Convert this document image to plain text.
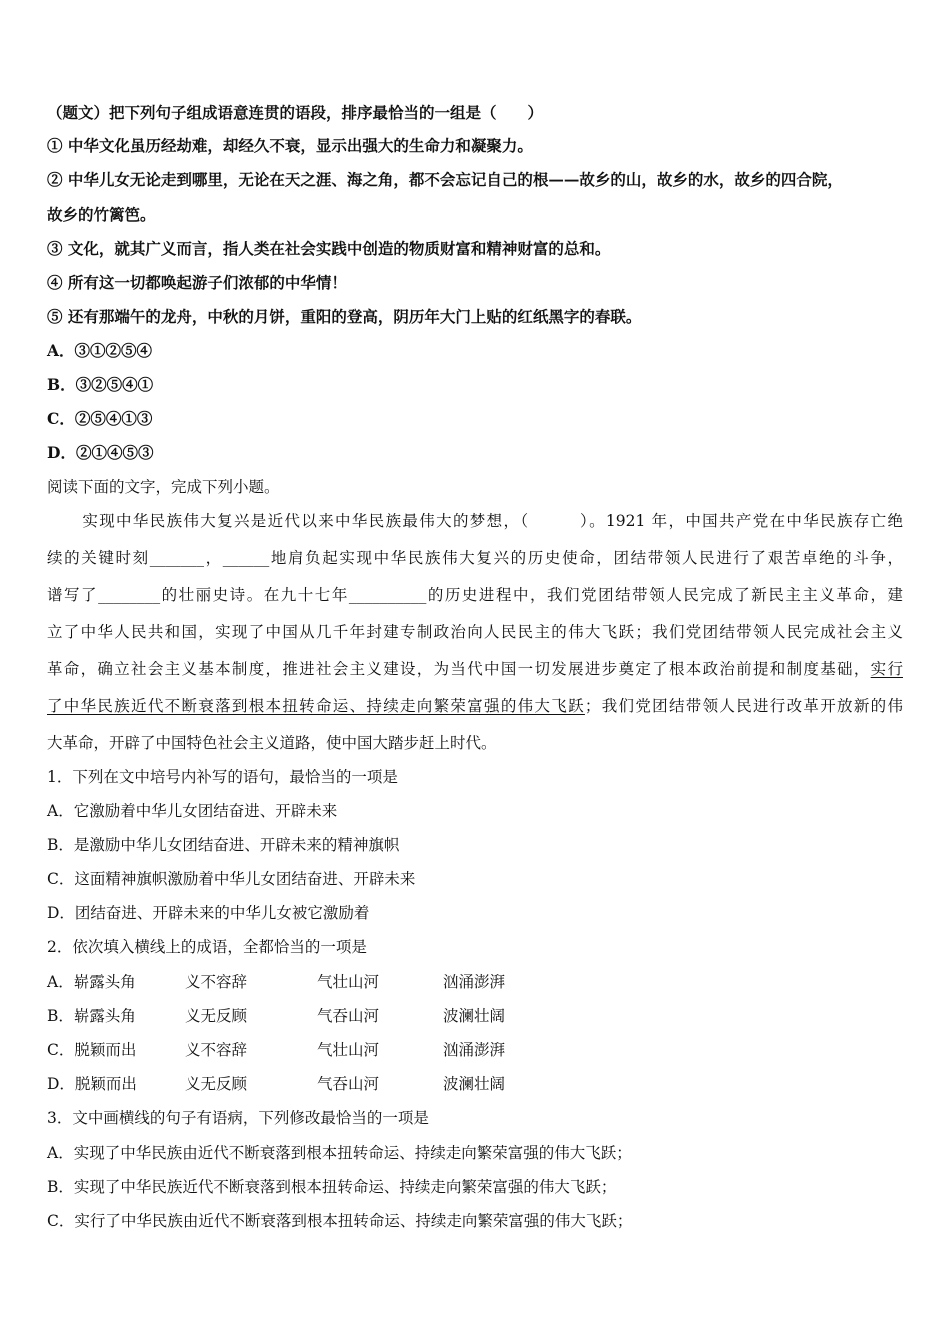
（题文）把下列句子组成语意连贯的语段，排序最恰当的一组是（　　）
① 中华文化虽历经劫难，却经久不衰，显示出强大的生命力和凝聚力。
② 中华儿女无论走到哪里，无论在天之涯、海之角，都不会忘记自己的根——故乡的山，故乡的水，故乡的四合院，
故乡的竹篱笆。
③ 文化，就其广义而言，指人类在社会实践中创造的物质财富和精神财富的总和。
④ 所有这一切都唤起游子们浓郁的中华情！
⑤ 还有那端午的龙舟，中秋的月饼，重阳的登高，阴历年大门上贴的红纸黑字的春联。
A．③①②⑤④
B．③②⑤④①
C．②⑤④①③
D．②①④⑤③
阅读下面的文字，完成下列小题。
实现中华民族伟大复兴是近代以来中华民族最伟大的梦想，（　　　）。1921 年，中国共产党在中华民族存亡绝
续的关键时刻_______，______地肩负起实现中华民族伟大复兴的历史使命，团结带领人民进行了艰苦卓绝的斗争，
谱写了________的壮丽史诗。在九十七年__________的历史进程中，我们党团结带领人民完成了新民主主义革命，建
立了中华人民共和国，实现了中国从几千年封建专制政治向人民民主的伟大飞跃；我们党团结带领人民完成社会主义
革命，确立社会主义基本制度，推进社会主义建设，为当代中国一切发展进步奠定了根本政治前提和制度基础，实行
了中华民族近代不断衰落到根本扭转命运、持续走向繁荣富强的伟大飞跃；我们党团结带领人民进行改革开放新的伟
大革命，开辟了中国特色社会主义道路，使中国大踏步赶上时代。
1．下列在文中培号内补写的语句，最恰当的一项是
A．它激励着中华儿女团结奋进、开辟未来
B．是激励中华儿女团结奋进、开辟未来的精神旗帜
C．这面精神旗帜激励着中华儿女团结奋进、开辟未来
D．团结奋进、开辟未来的中华儿女被它激励着
2．依次填入横线上的成语，全都恰当的一项是
A．崭露头角	义不容辞	气壮山河	汹涌澎湃
B．崭露头角	义无反顾	气吞山河	波澜壮阔
C．脱颖而出	义不容辞	气壮山河	汹涌澎湃
D．脱颖而出	义无反顾	气吞山河	波澜壮阔
3．文中画横线的句子有语病，下列修改最恰当的一项是
A．实现了中华民族由近代不断衰落到根本扭转命运、持续走向繁荣富强的伟大飞跃；
B．实现了中华民族近代不断衰落到根本扭转命运、持续走向繁荣富强的伟大飞跃；
C．实行了中华民族由近代不断衰落到根本扭转命运、持续走向繁荣富强的伟大飞跃；
